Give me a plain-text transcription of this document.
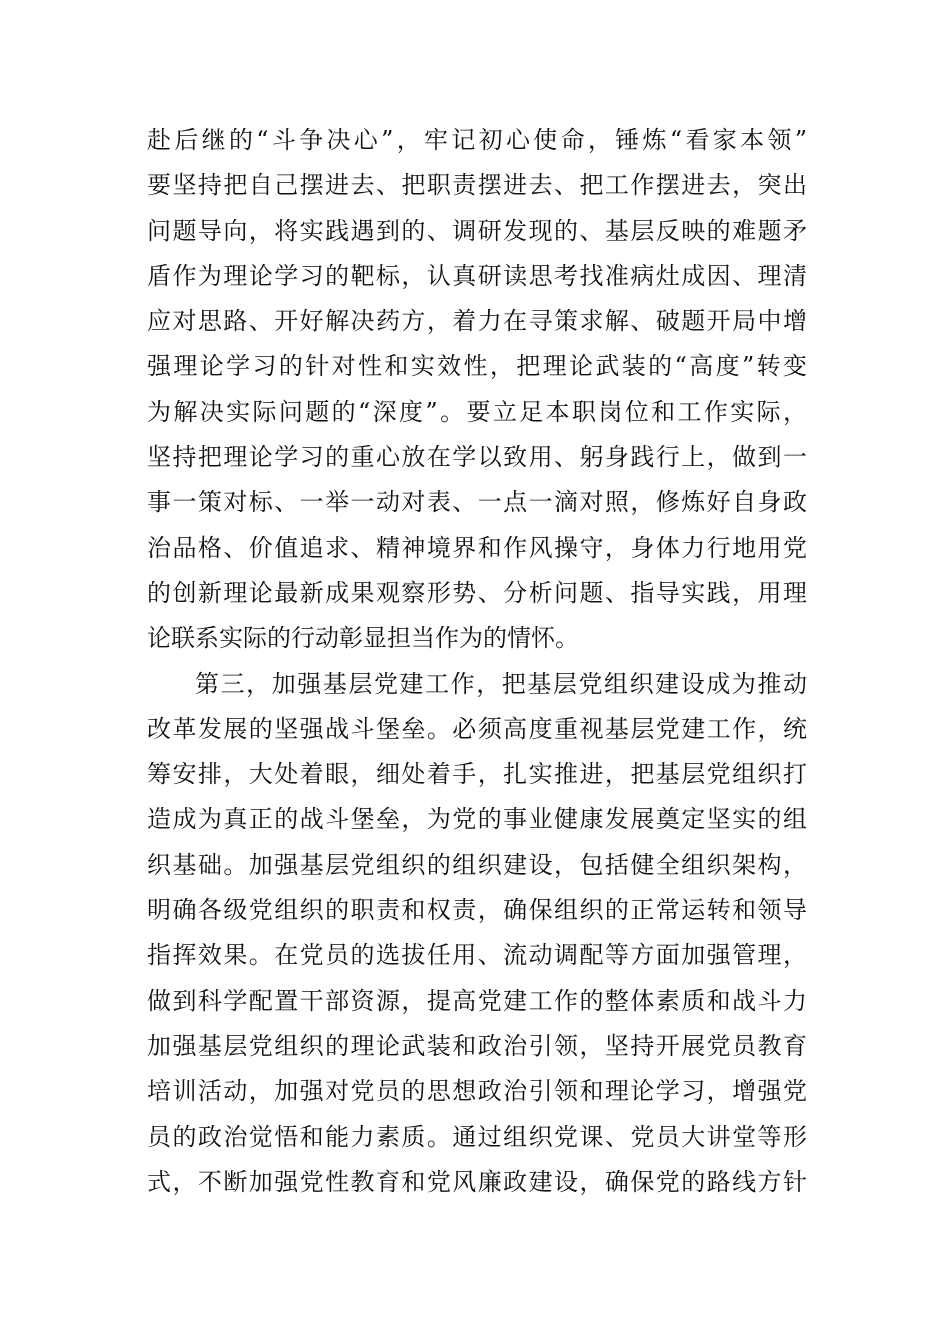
赴后继的“斗争决心”，牢记初心使命，锤炼“看家本领”
要坚持把自己摆进去、把职责摆进去、把工作摆进去，突出
问题导向，将实践遇到的、调研发现的、基层反映的难题矛
盾作为理论学习的靶标，认真研读思考找准病灶成因、理清
应对思路、开好解决药方，着力在寻策求解、破题开局中增
强理论学习的针对性和实效性，把理论武装的“高度”转变
为解决实际问题的“深度”。要立足本职岗位和工作实际，
坚持把理论学习的重心放在学以致用、躬身践行上，做到一
事一策对标、一举一动对表、一点一滴对照，修炼好自身政
治品格、价值追求、精神境界和作风操守，身体力行地用党
的创新理论最新成果观察形势、分析问题、指导实践，用理
论联系实际的行动彰显担当作为的情怀。
第三，加强基层党建工作，把基层党组织建设成为推动
改革发展的坚强战斗堡垒。必须高度重视基层党建工作，统
筹安排，大处着眼，细处着手，扎实推进，把基层党组织打
造成为真正的战斗堡垒，为党的事业健康发展奠定坚实的组
织基础。加强基层党组织的组织建设，包括健全组织架构，
明确各级党组织的职责和权责，确保组织的正常运转和领导
指挥效果。在党员的选拔任用、流动调配等方面加强管理，
做到科学配置干部资源，提高党建工作的整体素质和战斗力
加强基层党组织的理论武装和政治引领，坚持开展党员教育
培训活动，加强对党员的思想政治引领和理论学习，增强党
员的政治觉悟和能力素质。通过组织党课、党员大讲堂等形
式，不断加强党性教育和党风廉政建设，确保党的路线方针
